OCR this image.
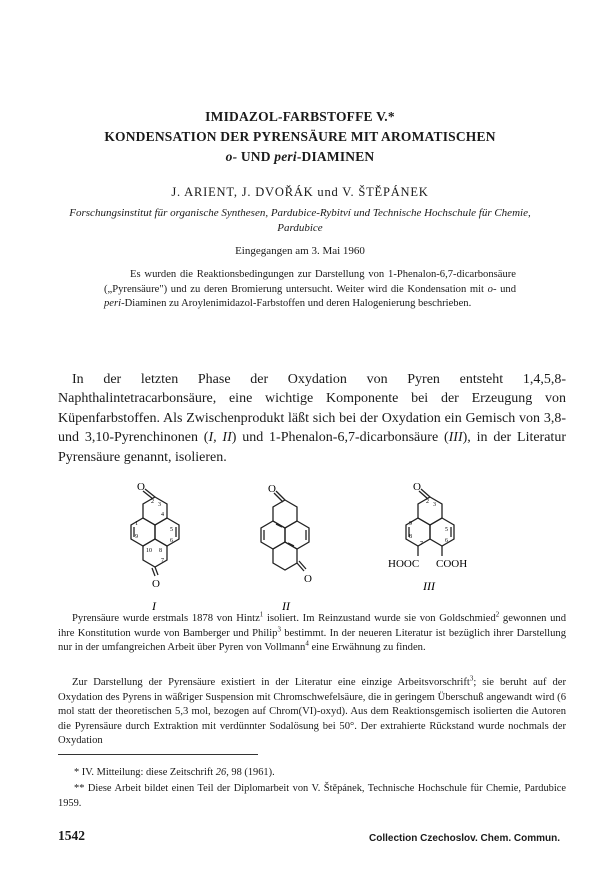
IMIDAZOL-FARBSTOFFE V.*
KONDENSATION DER PYRENSÄURE MIT AROMATISCHEN
o- UND peri-DIAMINEN
J. ARIENT, J. DVOŘÁK und V. ŠTĚPÁNEK
Forschungsinstitut für organische Synthesen, Pardubice-Rybitví und Technische Hochschule für Chemie, Pardubice
Eingegangen am 3. Mai 1960

Es wurden die Reaktionsbedingungen zur Darstellung von 1-Phenalon-6,7-dicarbonsäure („Pyrensäure") und zu deren Bromierung untersucht. Weiter wird die Kondensation mit o- und peri-Diaminen zu Aroylenimidazol-Farbstoffen und deren Halogenierung beschrieben.

In der letzten Phase der Oxydation von Pyren entsteht 1,4,5,8-Naphthalintetracarbonsäure, eine wichtige Komponente bei der Erzeugung von Küpenfarbstoffen. Als Zwischenprodukt läßt sich bei der Oxydation ein Gemisch von 3,8- und 3,10-Pyrenchinonen (I, II) und 1-Phenalon-6,7-dicarbonsäure (III), in der Literatur Pyrensäure genannt, isolieren.

O
O
2 3
4
1
9
5
6
10 8
7
I
O
O
II
O
2 3
9
8
5
6
7
HOOC COOH
III

Pyrensäure wurde erstmals 1878 von Hintz$^1$ isoliert. Im Reinzustand wurde sie von Goldschmied$^2$ gewonnen und ihre Konstitution wurde von Bamberger und Philip$^3$ bestimmt. In der neueren Literatur ist bezüglich ihrer Darstellung nur in der umfangreichen Arbeit über Pyren von Vollmann$^4$ eine Erwähnung zu finden.

Zur Darstellung der Pyrensäure existiert in der Literatur eine einzige Arbeitsvorschrift$^3$; sie beruht auf der Oxydation des Pyrens in wäßriger Suspension mit Chromschwefelsäure, die in geringem Überschuß angewandt wird (6 mol statt der theoretischen 5,3 mol, bezogen auf Chrom(VI)-oxyd). Aus dem Reaktionsgemisch isolierten die Autoren die Pyrensäure durch Extraktion mit verdünnter Sodalösung bei 50°. Der extrahierte Rückstand wurde nochmals der Oxydation

* IV. Mitteilung: diese Zeitschrift 26, 98 (1961).

** Diese Arbeit bildet einen Teil der Diplomarbeit von V. Štěpánek, Technische Hochschule für Chemie, Pardubice 1959.

1542	Collection Czechoslov. Chem. Commun.
